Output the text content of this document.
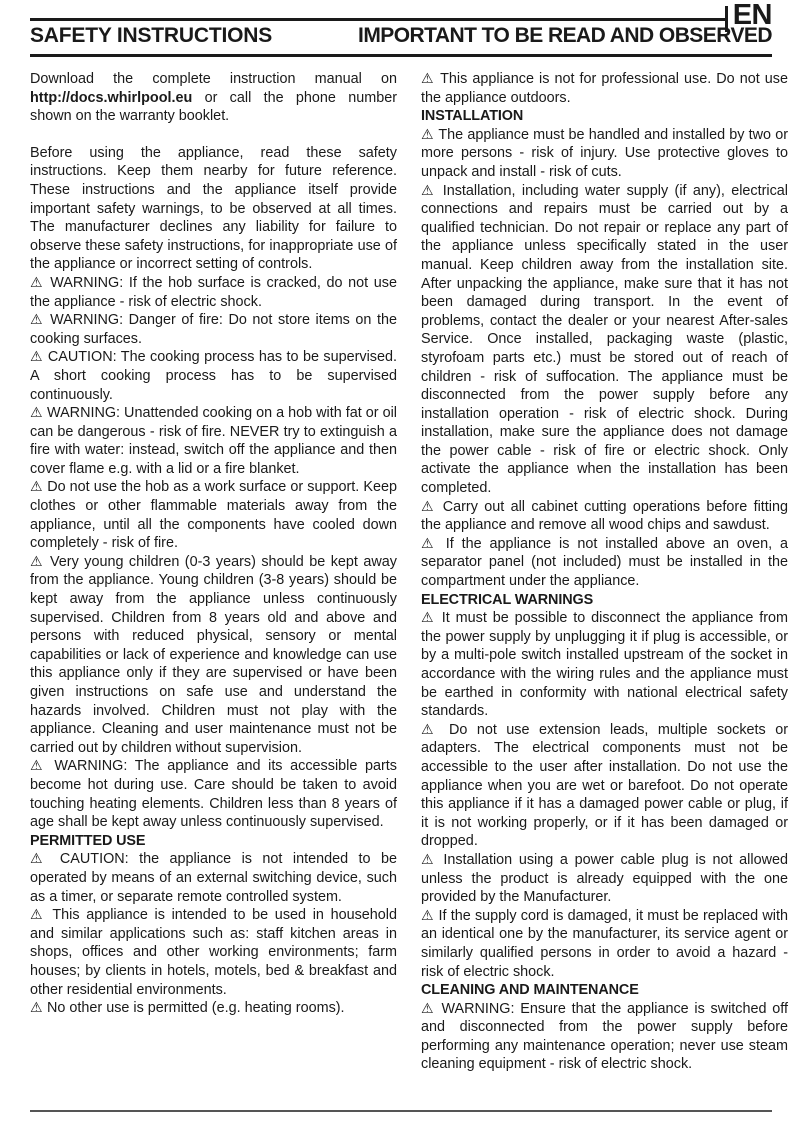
EN
SAFETY INSTRUCTIONS	IMPORTANT TO BE READ AND OBSERVED

Download the complete instruction manual on http://docs.whirlpool.eu or call the phone number shown on the warranty booklet.

Before using the appliance, read these safety instructions. Keep them nearby for future reference. These instructions and the appliance itself provide important safety warnings, to be observed at all times. The manufacturer declines any liability for failure to observe these safety instructions, for inappropriate use of the appliance or incorrect setting of controls.

⚠ WARNING: If the hob surface is cracked, do not use the appliance - risk of electric shock.

⚠ WARNING: Danger of fire: Do not store items on the cooking surfaces.

⚠ CAUTION: The cooking process has to be supervised. A short cooking process has to be supervised continuously.

⚠ WARNING: Unattended cooking on a hob with fat or oil can be dangerous - risk of fire. NEVER try to extinguish a fire with water: instead, switch off the appliance and then cover flame e.g. with a lid or a fire blanket.

⚠ Do not use the hob as a work surface or support. Keep clothes or other flammable materials away from the appliance, until all the components have cooled down completely - risk of fire.

⚠ Very young children (0-3 years) should be kept away from the appliance. Young children (3-8 years) should be kept away from the appliance unless continuously supervised. Children from 8 years old and above and persons with reduced physical, sensory or mental capabilities or lack of experience and knowledge can use this appliance only if they are supervised or have been given instructions on safe use and understand the hazards involved. Children must not play with the appliance. Cleaning and user maintenance must not be carried out by children without supervision.

⚠ WARNING: The appliance and its accessible parts become hot during use. Care should be taken to avoid touching heating elements. Children less than 8 years of age shall be kept away unless continuously supervised.

PERMITTED USE

⚠ CAUTION: the appliance is not intended to be operated by means of an external switching device, such as a timer, or separate remote controlled system.

⚠ This appliance is intended to be used in household and similar applications such as: staff kitchen areas in shops, offices and other working environments; farm houses; by clients in hotels, motels, bed & breakfast and other residential environments.

⚠ No other use is permitted (e.g. heating rooms).

⚠ This appliance is not for professional use. Do not use the appliance outdoors.

INSTALLATION

⚠ The appliance must be handled and installed by two or more persons - risk of injury. Use protective gloves to unpack and install - risk of cuts.

⚠ Installation, including water supply (if any), electrical connections and repairs must be carried out by a qualified technician. Do not repair or replace any part of the appliance unless specifically stated in the user manual. Keep children away from the installation site. After unpacking the appliance, make sure that it has not been damaged during transport. In the event of problems, contact the dealer or your nearest After-sales Service. Once installed, packaging waste (plastic, styrofoam parts etc.) must be stored out of reach of children - risk of suffocation. The appliance must be disconnected from the power supply before any installation operation - risk of electric shock. During installation, make sure the appliance does not damage the power cable - risk of fire or electric shock. Only activate the appliance when the installation has been completed.

⚠ Carry out all cabinet cutting operations before fitting the appliance and remove all wood chips and sawdust.

⚠ If the appliance is not installed above an oven, a separator panel (not included) must be installed in the compartment under the appliance.

ELECTRICAL WARNINGS

⚠ It must be possible to disconnect the appliance from the power supply by unplugging it if plug is accessible, or by a multi-pole switch installed upstream of the socket in accordance with the wiring rules and the appliance must be earthed in conformity with national electrical safety standards.

⚠ Do not use extension leads, multiple sockets or adapters. The electrical components must not be accessible to the user after installation. Do not use the appliance when you are wet or barefoot. Do not operate this appliance if it has a damaged power cable or plug, if it is not working properly, or if it has been damaged or dropped.

⚠ Installation using a power cable plug is not allowed unless the product is already equipped with the one provided by the Manufacturer.

⚠ If the supply cord is damaged, it must be replaced with an identical one by the manufacturer, its service agent or similarly qualified persons in order to avoid a hazard - risk of electric shock.

CLEANING AND MAINTENANCE

⚠ WARNING: Ensure that the appliance is switched off and disconnected from the power supply before performing any maintenance operation; never use steam cleaning equipment - risk of electric shock.
